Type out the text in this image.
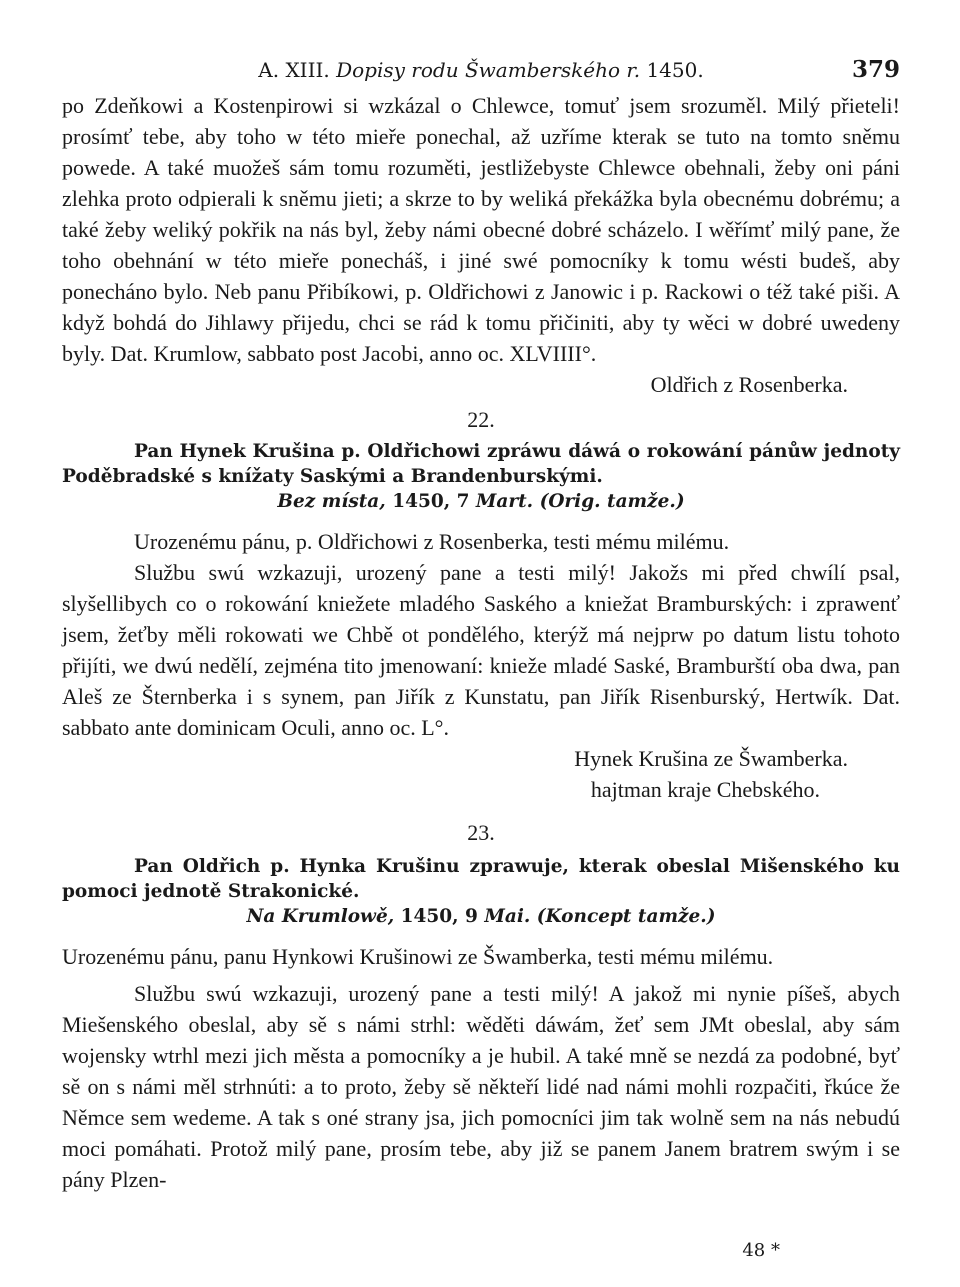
A. XIII. Dopisy rodu Šwamberského r. 1450.	379

po Zdeňkowi a Kostenpirowi si wzkázal o Chlewce, tomuť jsem srozuměl. Milý přieteli! prosímť tebe, aby toho w této mieře ponechal, až uzříme kterak se tuto na tomto sněmu powede. A také muožeš sám tomu rozuměti, jestližebyste Chlewce obehnali, žeby oni páni zlehka proto odpierali k sněmu jieti; a skrze to by weliká překážka byla obecnému dobrému; a také žeby weliký pokřik na nás byl, žeby námi obecné dobré scházelo. I wěřímť milý pane, že toho obehnání w této mieře ponecháš, i jiné swé pomocníky k tomu wésti budeš, aby ponecháno bylo. Neb panu Přibíkowi, p. Oldřichowi z Janowic i p. Rackowi o též také piši. A když bohdá do Jihlawy přijedu, chci se rád k tomu přičiniti, aby ty wěci w dobré uwedeny byly. Dat. Krumlow, sabbato post Jacobi, anno oc. XLVIIII°.

Oldřich z Rosenberka.

22.

Pan Hynek Krušina p. Oldřichowi zpráwu dáwá o rokowání pánůw jednoty Poděbradské s knížaty Saskými a Brandenburskými.

Bez místa, 1450, 7 Mart. (Orig. tamže.)

Urozenému pánu, p. Oldřichowi z Rosenberka, testi mému milému.

Službu swú wzkazuji, urozený pane a testi milý! Jakožs mi před chwílí psal, slyšellibych co o rokowání kniežete mladého Saského a kniežat Bramburských: i zprawenť jsem, žeťby měli rokowati we Chbě ot ponděléhо, kterýž má nejprw po datum listu tohoto přijíti, we dwú nedělí, zejména tito jmenowaní: knieže mladé Saské, Bramburští oba dwa, pan Aleš ze Šternberka i s synem, pan Jiřík z Kunstatu, pan Jiřík Risenburský, Hertwík. Dat. sabbato ante dominicam Oculi, anno oc. L°.

Hynek Krušina ze Šwamberka.

hajtman kraje Chebského.

23.

Pan Oldřich p. Hynka Krušinu zprawuje, kterak obeslal Mišenského ku pomoci jednotě Strakonické.

Na Krumlowě, 1450, 9 Mai. (Koncept tamže.)

Urozenému pánu, panu Hynkowi Krušinowi ze Šwamberka, testi mému milému.

Službu swú wzkazuji, urozený pane a testi milý! A jakož mi nynie píšeš, abych Miešenského obeslal, aby sě s námi strhl: wěděti dáwám, žeť sem JMt obeslal, aby sám wojensky wtrhl mezi jich města a pomocníky a je hubil. A také mně se nezdá za podobné, byť sě on s námi měl strhnúti: a to proto, žeby sě někteří lidé nad námi mohli rozpačiti, řkúce že Němce sem wedeme. A tak s oné strany jsa, jich pomocníci jim tak wolně sem na nás nebudú moci pomáhati. Protož milý pane, prosím tebe, aby již se panem Janem bratrem swým i se pány Plzen-

48 *
